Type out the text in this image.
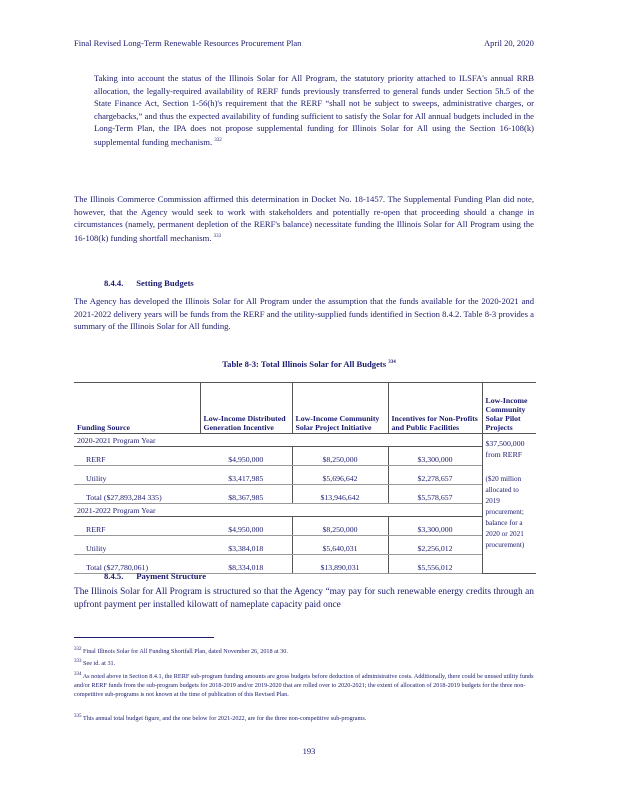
Final Revised Long-Term Renewable Resources Procurement Plan	April 20, 2020
Taking into account the status of the Illinois Solar for All Program, the statutory priority attached to ILSFA's annual RRB allocation, the legally-required availability of RERF funds previously transferred to general funds under Section 5h.5 of the State Finance Act, Section 1-56(h)'s requirement that the RERF “shall not be subject to sweeps, administrative charges, or chargebacks,” and thus the expected availability of funding sufficient to satisfy the Solar for All annual budgets included in the Long-Term Plan, the IPA does not propose supplemental funding for Illinois Solar for All using the Section 16-108(k) supplemental funding mechanism. $^{332}$
The Illinois Commerce Commission affirmed this determination in Docket No. 18-1457. The Supplemental Funding Plan did note, however, that the Agency would seek to work with stakeholders and potentially re-open that proceeding should a change in circumstances (namely, permanent depletion of the RERF's balance) necessitate funding the Illinois Solar for All Program using the 16-108(k) funding shortfall mechanism. $^{333}$
8.4.4. Setting Budgets
The Agency has developed the Illinois Solar for All Program under the assumption that the funds available for the 2020-2021 and 2021-2022 delivery years will be funds from the RERF and the utility-supplied funds identified in Section 8.4.2. Table 8-3 provides a summary of the Illinois Solar for All funding.
Table 8-3: Total Illinois Solar for All Budgets $^{334}$
Funding Source	Low-Income Distributed Generation Incentive	Low-Income Community Solar Project Initiative	Incentives for Non-Profits and Public Facilities	Low-Income Community Solar Pilot Projects
2020-2021 Program Year				$37,500,000 from RERF
($20 million allocated to 2019 procurement; balance for a 2020 or 2021 procurement)

RERF	$4,950,000	$8,250,000	$3,300,000	
Utility	$3,417,985	$5,696,642	$2,278,657	
Total ($27,893,284 335)	$8,367,985	$13,946,642	$5,578,657	
2021-2022 Program Year				
RERF	$4,950,000	$8,250,000	$3,300,000	
Utility	$3,384,018	$5,640,031	$2,256,012	
Total ($27,780,061)	$8,334,018	$13,890,031	$5,556,012	
8.4.5. Payment Structure
The Illinois Solar for All Program is structured so that the Agency “may pay for such renewable energy credits through an upfront payment per installed kilowatt of nameplate capacity paid once
$^{332}$ Final Illinois Solar for All Funding Shortfall Plan, dated November 26, 2018 at 30.
$^{333}$ See id. at 31.
$^{334}$ As noted above in Section 8.4.1, the RERF sub-program funding amounts are gross budgets before deduction of administrative costs. Additionally, there could be unused utility funds and/or RERF funds from the sub-program budgets for 2018-2019 and/or 2019-2020 that are rolled over to 2020-2021; the extent of allocation of 2018-2019 budgets for the three non-competitive sub-programs is not known at the time of publication of this Revised Plan.
$^{335}$ This annual total budget figure, and the one below for 2021-2022, are for the three non-competitive sub-programs.
193
